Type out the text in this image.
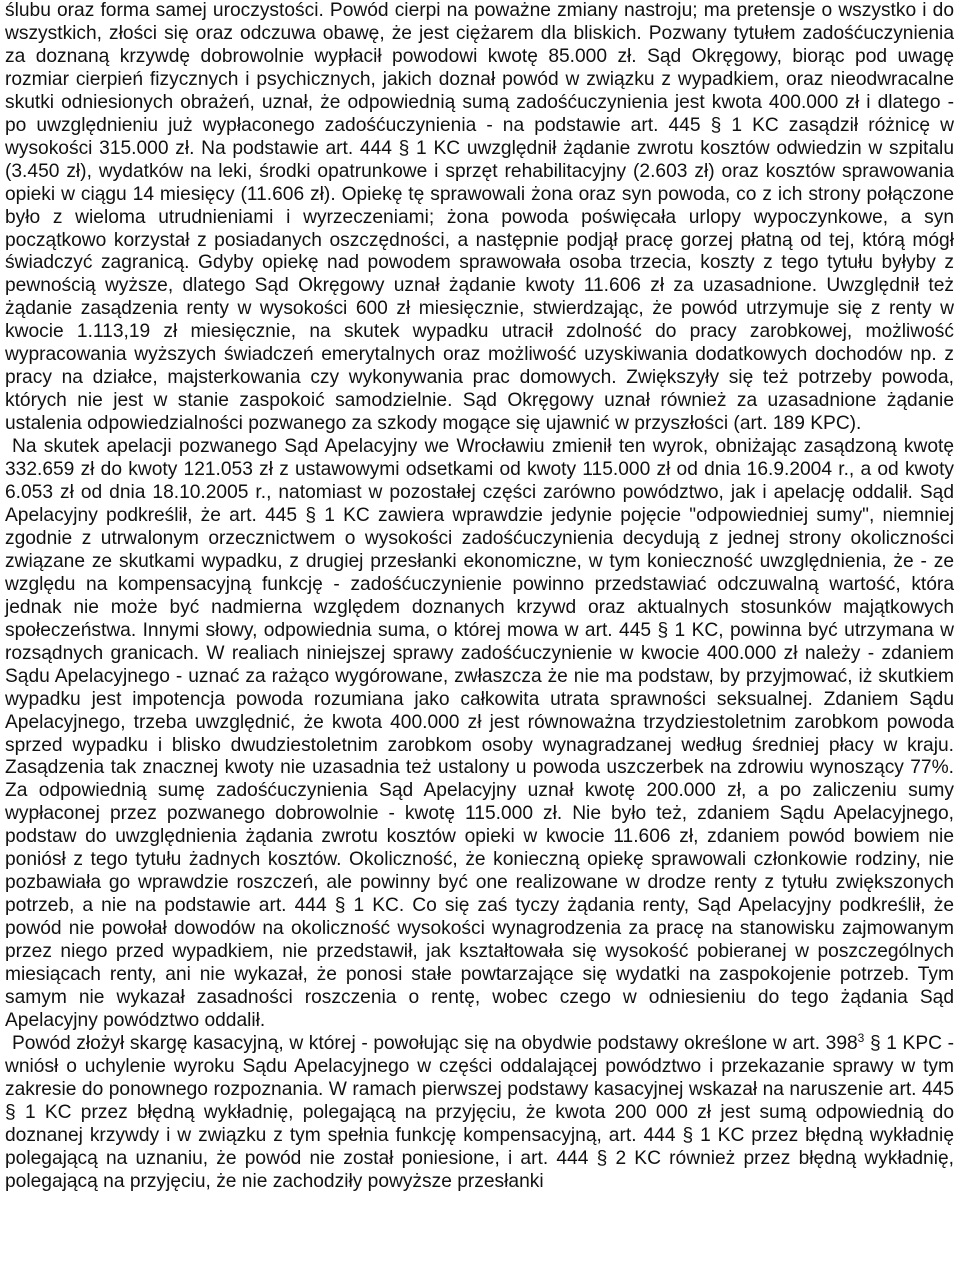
ślubu oraz forma samej uroczystości. Powód cierpi na poważne zmiany nastroju; ma pretensje o wszystko i do wszystkich, złości się oraz odczuwa obawę, że jest ciężarem dla bliskich. Pozwany tytułem zadośćuczynienia za doznaną krzywdę dobrowolnie wypłacił powodowi kwotę 85.000 zł. Sąd Okręgowy, biorąc pod uwagę rozmiar cierpień fizycznych i psychicznych, jakich doznał powód w związku z wypadkiem, oraz nieodwracalne skutki odniesionych obrażeń, uznał, że odpowiednią sumą zadośćuczynienia jest kwota 400.000 zł i dlatego - po uwzględnieniu już wypłaconego zadośćuczynienia - na podstawie art. 445 § 1 KC zasądził różnicę w wysokości 315.000 zł. Na podstawie art. 444 § 1 KC uwzględnił żądanie zwrotu kosztów odwiedzin w szpitalu (3.450 zł), wydatków na leki, środki opatrunkowe i sprzęt rehabilitacyjny (2.603 zł) oraz kosztów sprawowania opieki w ciągu 14 miesięcy (11.606 zł). Opiekę tę sprawowali żona oraz syn powoda, co z ich strony połączone było z wieloma utrudnieniami i wyrzeczeniami; żona powoda poświęcała urlopy wypoczynkowe, a syn początkowo korzystał z posiadanych oszczędności, a następnie podjął pracę gorzej płatną od tej, którą mógł świadczyć zagranicą. Gdyby opiekę nad powodem sprawowała osoba trzecia, koszty z tego tytułu byłyby z pewnością wyższe, dlatego Sąd Okręgowy uznał żądanie kwoty 11.606 zł za uzasadnione. Uwzględnił też żądanie zasądzenia renty w wysokości 600 zł miesięcznie, stwierdzając, że powód utrzymuje się z renty w kwocie 1.113,19 zł miesięcznie, na skutek wypadku utracił zdolność do pracy zarobkowej, możliwość wypracowania wyższych świadczeń emerytalnych oraz możliwość uzyskiwania dodatkowych dochodów np. z pracy na działce, majsterkowania czy wykonywania prac domowych. Zwiększyły się też potrzeby powoda, których nie jest w stanie zaspokoić samodzielnie. Sąd Okręgowy uznał również za uzasadnione żądanie ustalenia odpowiedzialności pozwanego za szkody mogące się ujawnić w przyszłości (art. 189 KPC).

Na skutek apelacji pozwanego Sąd Apelacyjny we Wrocławiu zmienił ten wyrok, obniżając zasądzoną kwotę 332.659 zł do kwoty 121.053 zł z ustawowymi odsetkami od kwoty 115.000 zł od dnia 16.9.2004 r., a od kwoty 6.053 zł od dnia 18.10.2005 r., natomiast w pozostałej części zarówno powództwo, jak i apelację oddalił. Sąd Apelacyjny podkreślił, że art. 445 § 1 KC zawiera wprawdzie jedynie pojęcie "odpowiedniej sumy", niemniej zgodnie z utrwalonym orzecznictwem o wysokości zadośćuczynienia decydują z jednej strony okoliczności związane ze skutkami wypadku, z drugiej przesłanki ekonomiczne, w tym konieczność uwzględnienia, że - ze względu na kompensacyjną funkcję - zadośćuczynienie powinno przedstawiać odczuwalną wartość, która jednak nie może być nadmierna względem doznanych krzywd oraz aktualnych stosunków majątkowych społeczeństwa. Innymi słowy, odpowiednia suma, o której mowa w art. 445 § 1 KC, powinna być utrzymana w rozsądnych granicach. W realiach niniejszej sprawy zadośćuczynienie w kwocie 400.000 zł należy - zdaniem Sądu Apelacyjnego - uznać za rażąco wygórowane, zwłaszcza że nie ma podstaw, by przyjmować, iż skutkiem wypadku jest impotencja powoda rozumiana jako całkowita utrata sprawności seksualnej. Zdaniem Sądu Apelacyjnego, trzeba uwzględnić, że kwota 400.000 zł jest równoważna trzydziestoletnim zarobkom powoda sprzed wypadku i blisko dwudziestoletnim zarobkom osoby wynagradzanej według średniej płacy w kraju. Zasądzenia tak znacznej kwoty nie uzasadnia też ustalony u powoda uszczerbek na zdrowiu wynoszący 77%. Za odpowiednią sumę zadośćuczynienia Sąd Apelacyjny uznał kwotę 200.000 zł, a po zaliczeniu sumy wypłaconej przez pozwanego dobrowolnie - kwotę 115.000 zł. Nie było też, zdaniem Sądu Apelacyjnego, podstaw do uwzględnienia żądania zwrotu kosztów opieki w kwocie 11.606 zł, zdaniem powód bowiem nie poniósł z tego tytułu żadnych kosztów. Okoliczność, że konieczną opiekę sprawowali członkowie rodziny, nie pozbawiała go wprawdzie roszczeń, ale powinny być one realizowane w drodze renty z tytułu zwiększonych potrzeb, a nie na podstawie art. 444 § 1 KC. Co się zaś tyczy żądania renty, Sąd Apelacyjny podkreślił, że powód nie powołał dowodów na okoliczność wysokości wynagrodzenia za pracę na stanowisku zajmowanym przez niego przed wypadkiem, nie przedstawił, jak kształtowała się wysokość pobieranej w poszczególnych miesiącach renty, ani nie wykazał, że ponosi stałe powtarzające się wydatki na zaspokojenie potrzeb. Tym samym nie wykazał zasadności roszczenia o rentę, wobec czego w odniesieniu do tego żądania Sąd Apelacyjny powództwo oddalił.

Powód złożył skargę kasacyjną, w której - powołując się na obydwie podstawy określone w art. $398^3$ § 1 KPC - wniósł o uchylenie wyroku Sądu Apelacyjnego w części oddalającej powództwo i przekazanie sprawy w tym zakresie do ponownego rozpoznania. W ramach pierwszej podstawy kasacyjnej wskazał na naruszenie art. 445 § 1 KC przez błędną wykładnię, polegającą na przyjęciu, że kwota 200 000 zł jest sumą odpowiednią do doznanej krzywdy i w związku z tym spełnia funkcję kompensacyjną, art. 444 § 1 KC przez błędną wykładnię polegającą na uznaniu, że powód nie został poniesione, i art. 444 § 2 KC również przez błędną wykładnię, polegającą na przyjęciu, że nie zachodziły powyższe przesłanki
